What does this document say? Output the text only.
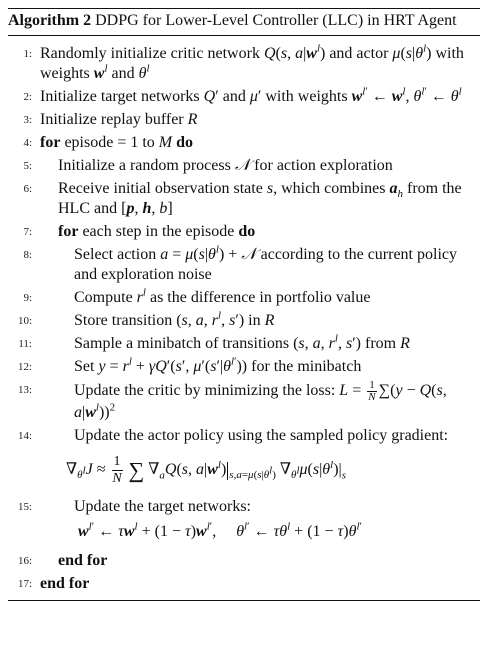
Algorithm 2 DDPG for Lower-Level Controller (LLC) in HRT Agent
1: Randomly initialize critic network Q(s, $a|w^l$) and actor $\mu(s|\theta^l)$ with weights $w^l$ and $\theta^l$
2: Initialize target networks Q′ and μ′ with weights $w^{l'}$ ← $w^l$, $\theta^{l'}$ ← $\theta^l$
3: Initialize replay buffer R
4: for episode = 1 to M do
5: Initialize a random process 𝒩 for action exploration
6: Receive initial observation state s, which combines $a_h$ from the HLC and [p, h, b]
7: for each step in the episode do
8:	Select action $a = \mu(s|\theta^l)$ + 𝒩 according to the current policy and exploration noise
9:	Compute $r^l$ as the difference in portfolio value
10:	Store transition (s, a, $r^l$, s′) in R
11:	Sample a minibatch of transitions (s, a, $r^l$, s′) from R
12:	Set $y = r^l + \gamma Q'(s'$, $\mu'(s'|\theta^{l'})$) for the minibatch
13:	Update the critic by minimizing the loss: $L = \frac{1}{N} \sum(y - Q(s$, $a|w^l))^2$
14:	Update the actor policy using the sampled policy gradient:
$\nabla_{\theta^l}J \approx \frac{1}{N}$ ∑ $\nabla_aQ(s$, $a|w^l$) $_{s,a=\mu(s|\theta^l)}$ $\nabla_{\theta^l}\mu(s|\theta^l)|_s$
15:	Update the target networks:
$w^{l'}$ ← $\tau w^l + (1 - \tau)w^{l'}$,     $\theta^{l'}$ ← $\tau\theta^l + (1 - \tau)\theta^{l'}$
16: end for
17: end for
